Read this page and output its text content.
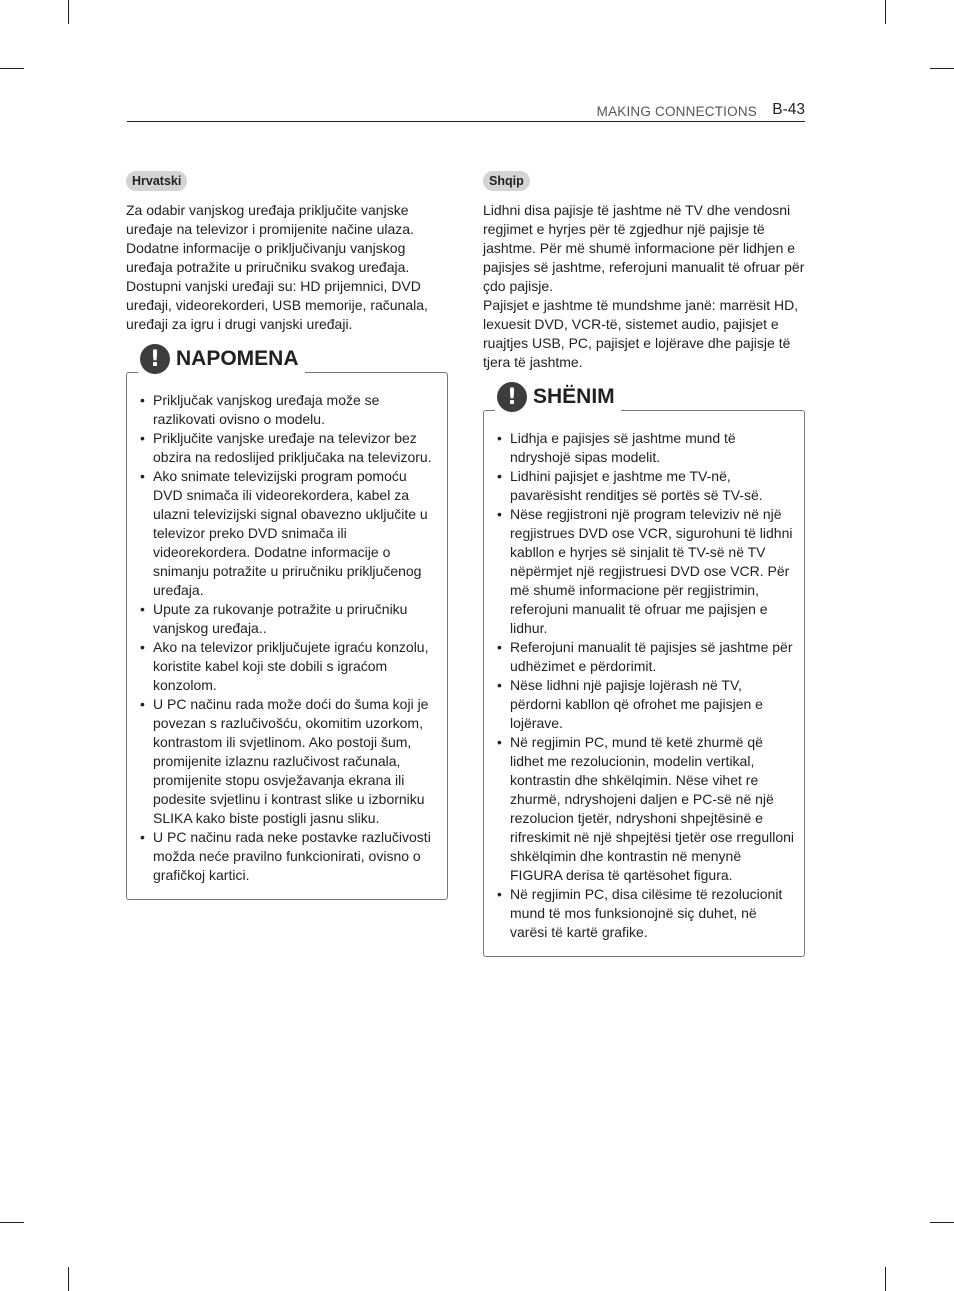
MAKING CONNECTIONS B-43
Hrvatski

Za odabir vanjskog uređaja priključite vanjske uređaje na televizor i promijenite načine ulaza. Dodatne informacije o priključivanju vanjskog uređaja potražite u priručniku svakog uređaja.

Dostupni vanjski uređaji su: HD prijemnici, DVD uređaji, videorekorderi, USB memorije, računala, uređaji za igru i drugi vanjski uređaji.

! NAPOMENA
• Priključak vanjskog uređaja može se razlikovati ovisno o modelu.
• Priključite vanjske uređaje na televizor bez obzira na redoslijed priključaka na televizoru.
• Ako snimate televizijski program pomoću DVD snimača ili videorekordera, kabel za ulazni televizijski signal obavezno uključite u televizor preko DVD snimača ili videorekordera. Dodatne informacije o snimanju potražite u priručniku priključenog uređaja.
• Upute za rukovanje potražite u priručniku vanjskog uređaja..
• Ako na televizor priključujete igraću konzolu, koristite kabel koji ste dobili s igraćom konzolom.
• U PC načinu rada može doći do šuma koji je povezan s razlučivošću, okomitim uzorkom, kontrastom ili svjetlinom. Ako postoji šum, promijenite izlaznu razlučivost računala, promijenite stopu osvježavanja ekrana ili podesite svjetlinu i kontrast slike u izborniku SLIKA kako biste postigli jasnu sliku.
• U PC načinu rada neke postavke razlučivosti možda neće pravilno funkcionirati, ovisno o grafičkoj kartici.
Shqip

Lidhni disa pajisje të jashtme në TV dhe vendosni regjimet e hyrjes për të zgjedhur një pajisje të jashtme. Për më shumë informacione për lidhjen e pajisjes së jashtme, referojuni manualit të ofruar për çdo pajisje.

Pajisjet e jashtme të mundshme janë: marrësit HD, lexuesit DVD, VCR-të, sistemet audio, pajisjet e ruajtjes USB, PC, pajisjet e lojërave dhe pajisje të tjera të jashtme.

! SHËNIM
• Lidhja e pajisjes së jashtme mund të ndryshojë sipas modelit.
• Lidhini pajisjet e jashtme me TV-në, pavarësisht renditjes së portës së TV-së.
• Nëse regjistroni një program televiziv në një regjistrues DVD ose VCR, sigurohuni të lidhni kabllon e hyrjes së sinjalit të TV-së në TV nëpërmjet një regjistruesi DVD ose VCR. Për më shumë informacione për regjistrimin, referojuni manualit të ofruar me pajisjen e lidhur.
• Referojuni manualit të pajisjes së jashtme për udhëzimet e përdorimit.
• Nëse lidhni një pajisje lojërash në TV, përdorni kabllon që ofrohet me pajisjen e lojërave.
• Në regjimin PC, mund të ketë zhurmë që lidhet me rezolucionin, modelin vertikal, kontrastin dhe shkëlqimin. Nëse vihet re zhurmë, ndryshojeni daljen e PC-së në një rezolucion tjetër, ndryshoni shpejtësinë e rifreskimit në një shpejtësi tjetër ose rregulloni shkëlqimin dhe kontrastin në menynë FIGURA derisa të qartësohet figura.
• Në regjimin PC, disa cilësime të rezolucionit mund të mos funksionojnë siç duhet, në varësi të kartë grafike.
